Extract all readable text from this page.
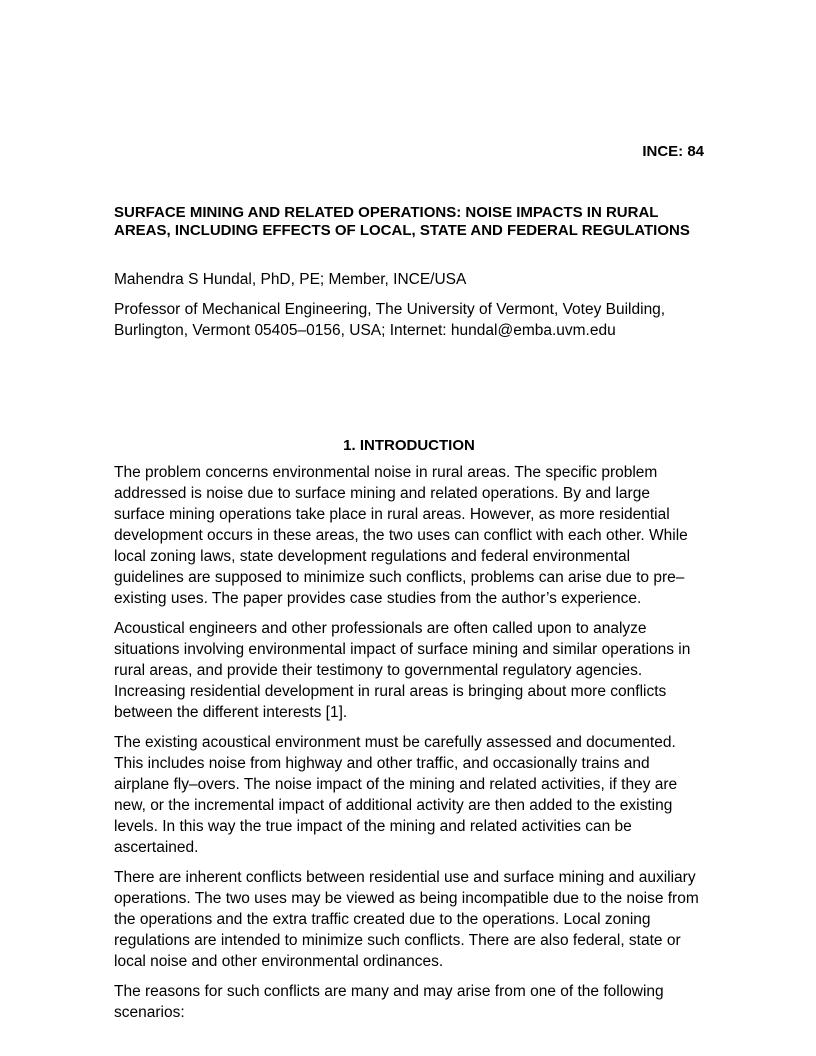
INCE: 84
SURFACE MINING AND RELATED OPERATIONS: NOISE IMPACTS IN RURAL AREAS, INCLUDING EFFECTS OF LOCAL, STATE AND FEDERAL REGULATIONS

Mahendra S Hundal, PhD, PE; Member, INCE/USA

Professor of Mechanical Engineering, The University of Vermont, Votey Building, Burlington, Vermont 05405–0156, USA; Internet: hundal@emba.uvm.edu

1. INTRODUCTION

The problem concerns environmental noise in rural areas. The specific problem addressed is noise due to surface mining and related operations. By and large surface mining operations take place in rural areas. However, as more residential development occurs in these areas, the two uses can conflict with each other. While local zoning laws, state development regulations and federal environmental guidelines are supposed to minimize such conflicts, problems can arise due to pre–existing uses. The paper provides case studies from the author’s experience.

Acoustical engineers and other professionals are often called upon to analyze situations involving environmental impact of surface mining and similar operations in rural areas, and provide their testimony to governmental regulatory agencies. Increasing residential development in rural areas is bringing about more conflicts between the different interests [1].

The existing acoustical environment must be carefully assessed and documented. This includes noise from highway and other traffic, and occasionally trains and airplane fly–overs. The noise impact of the mining and related activities, if they are new, or the incremental impact of additional activity are then added to the existing levels. In this way the true impact of the mining and related activities can be ascertained.

There are inherent conflicts between residential use and surface mining and auxiliary operations. The two uses may be viewed as being incompatible due to the noise from the operations and the extra traffic created due to the operations. Local zoning regulations are intended to minimize such conflicts. There are also federal, state or local noise and other environmental ordinances.

The reasons for such conflicts are many and may arise from one of the following scenarios:
